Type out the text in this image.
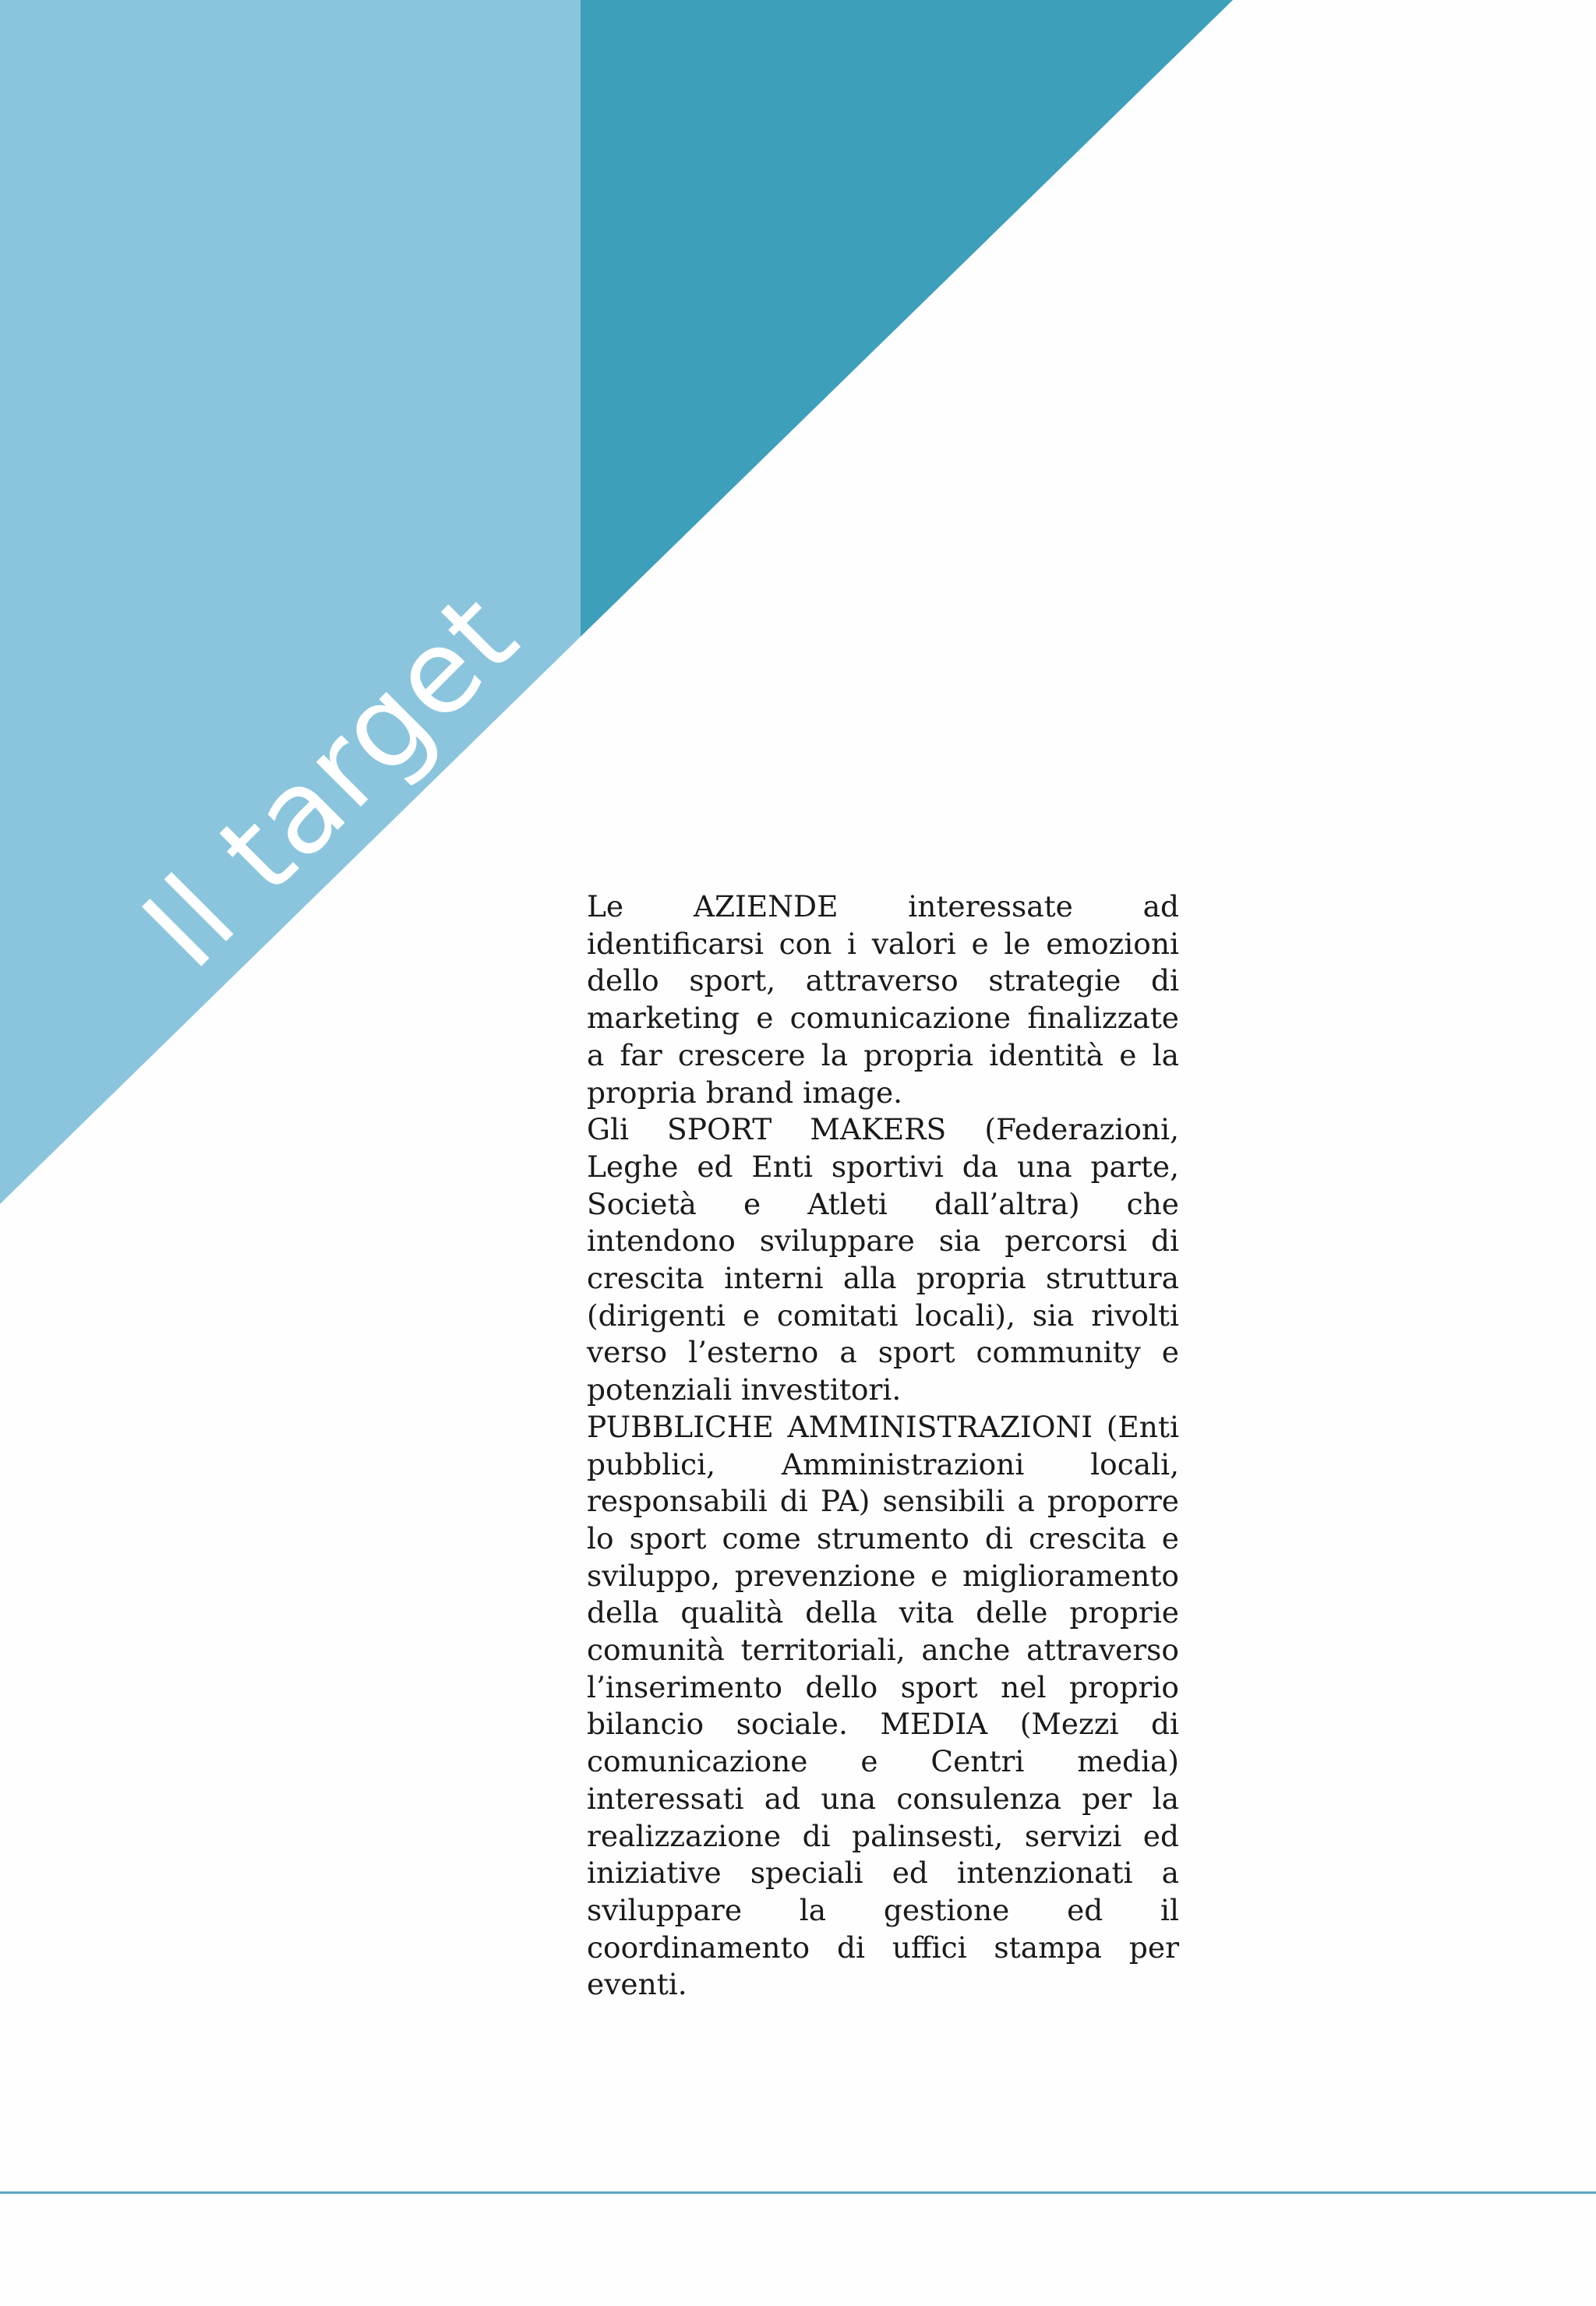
Il target Le AZIENDE interessate ad identificarsi con i valori e le emozioni dello sport, attraverso strategie di marketing e comunicazione finalizzate a far crescere la propria identità e la propria brand image.

Gli SPORT MAKERS (Federazioni, Leghe ed Enti sportivi da una parte, Società e Atleti dall’altra) che intendono sviluppare sia percorsi di crescita interni alla propria struttura (dirigenti e comitati locali), sia rivolti verso l’esterno a sport community e potenziali investitori.

PUBBLICHE AMMINISTRAZIONI (Enti pubblici, Amministrazioni locali, responsabili di PA) sensibili a proporre lo sport come strumento di crescita e sviluppo, prevenzione e miglioramento della qualità della vita delle proprie comunità territoriali, anche attraverso l’inserimento dello sport nel proprio bilancio sociale. MEDIA (Mezzi di comunicazione e Centri media) interessati ad una consulenza per la realizzazione di palinsesti, servizi ed iniziative speciali ed intenzionati a sviluppare la gestione ed il coordinamento di uffici stampa per eventi.
